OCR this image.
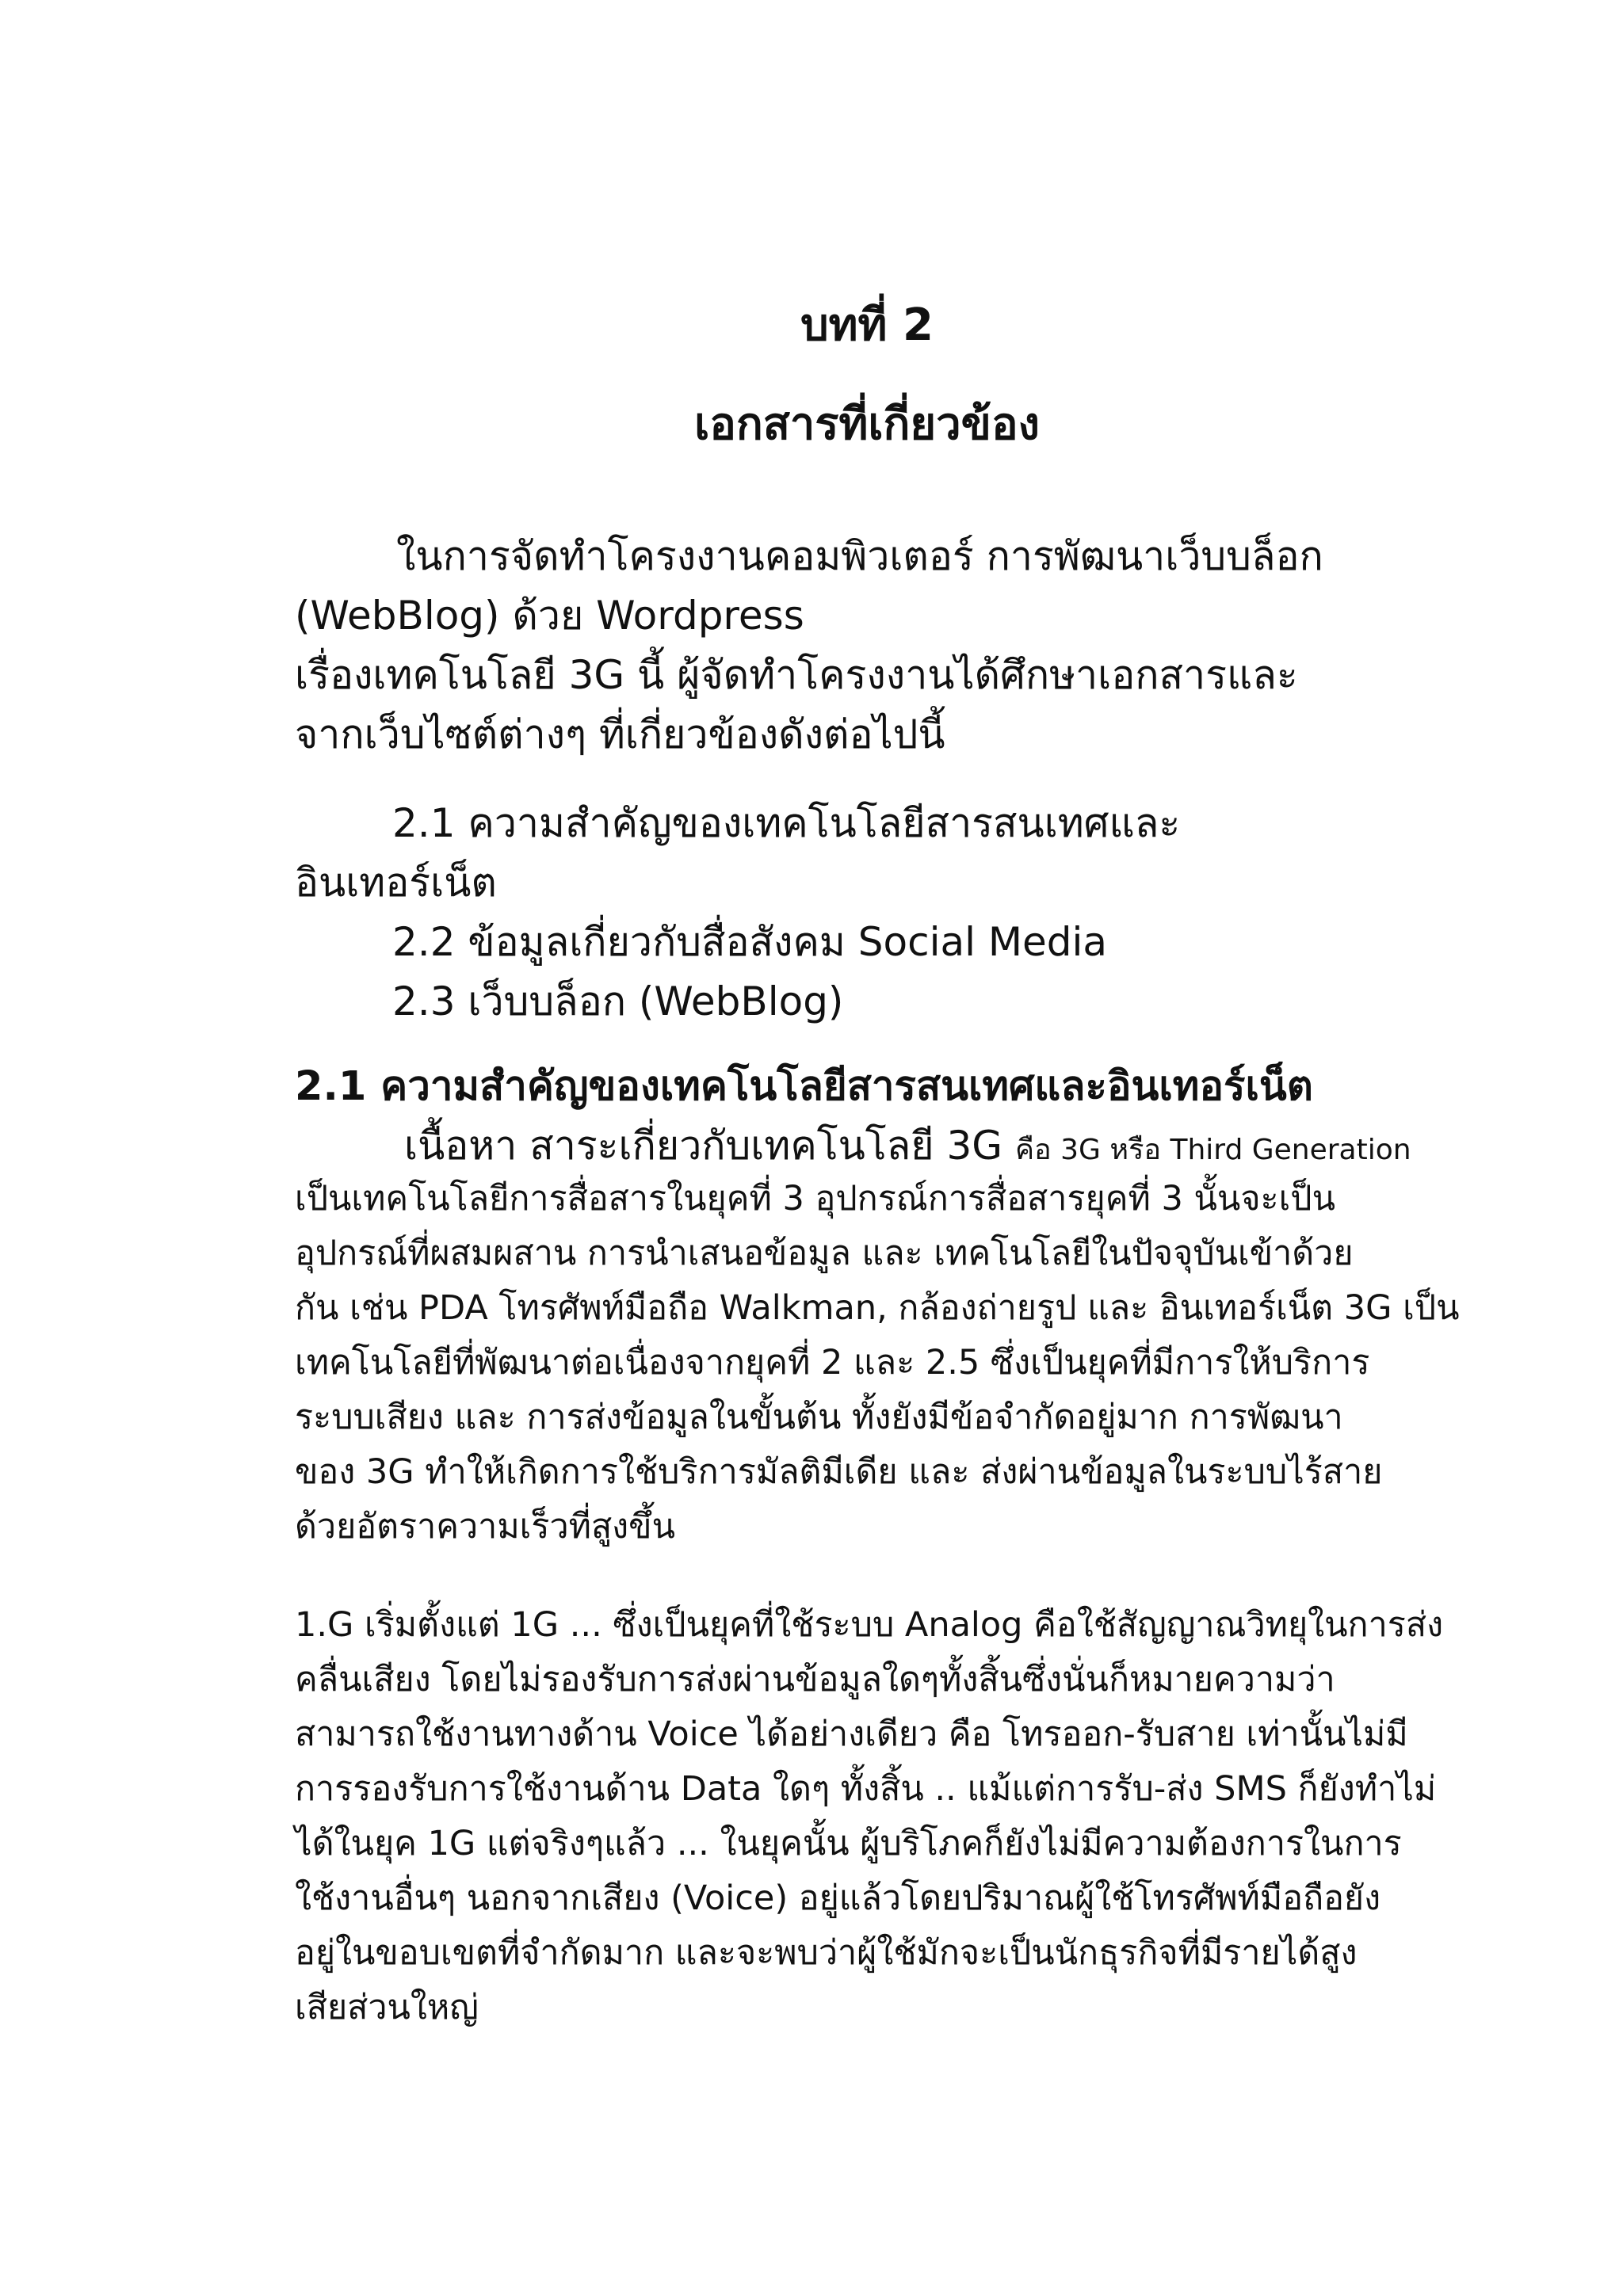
บทที่ 2
เอกสารที่เกี่ยวข้อง
ในการจัดทำโครงงานคอมพิวเตอร์ การพัฒนาเว็บบล็อก
(WebBlog) ด้วย Wordpress
เรื่องเทคโนโลยี 3G นี้ ผู้จัดทำโครงงานได้ศึกษาเอกสารและ
จากเว็บไซต์ต่างๆ ที่เกี่ยวข้องดังต่อไปนี้
2.1 ความสำคัญของเทคโนโลยีสารสนเทศและ
อินเทอร์เน็ต
2.2 ข้อมูลเกี่ยวกับสื่อสังคม Social Media
2.3 เว็บบล็อก (WebBlog)
2.1 ความสำคัญของเทคโนโลยีสารสนเทศและอินเทอร์เน็ต
เนื้อหา สาระเกี่ยวกับเทคโนโลยี 3G คือ 3G หรือ Third Generation
เป็นเทคโนโลยีการสื่อสารในยุคที่ 3 อุปกรณ์การสื่อสารยุคที่ 3 นั้นจะเป็น
อุปกรณ์ที่ผสมผสาน การนำเสนอข้อมูล และ เทคโนโลยีในปัจจุบันเข้าด้วย
กัน เช่น PDA โทรศัพท์มือถือ Walkman, กล้องถ่ายรูป และ อินเทอร์เน็ต 3G เป็น
เทคโนโลยีที่พัฒนาต่อเนื่องจากยุคที่ 2 และ 2.5 ซึ่งเป็นยุคที่มีการให้บริการ
ระบบเสียง และ การส่งข้อมูลในขั้นต้น ทั้งยังมีข้อจำกัดอยู่มาก การพัฒนา
ของ 3G ทำให้เกิดการใช้บริการมัลติมีเดีย และ ส่งผ่านข้อมูลในระบบไร้สาย
ด้วยอัตราความเร็วที่สูงขึ้น
1.G เริ่มตั้งแต่ 1G ... ซึ่งเป็นยุคที่ใช้ระบบ Analog คือใช้สัญญาณวิทยุในการส่ง
คลื่นเสียง โดยไม่รองรับการส่งผ่านข้อมูลใดๆทั้งสิ้นซึ่งนั่นก็หมายความว่า
สามารถใช้งานทางด้าน Voice ได้อย่างเดียว คือ โทรออก-รับสาย เท่านั้นไม่มี
การรองรับการใช้งานด้าน Data ใดๆ ทั้งสิ้น .. แม้แต่การรับ-ส่ง SMS ก็ยังทำไม่
ได้ในยุค 1G แต่จริงๆแล้ว ... ในยุคนั้น ผู้บริโภคก็ยังไม่มีความต้องการในการ
ใช้งานอื่นๆ นอกจากเสียง (Voice) อยู่แล้วโดยปริมาณผู้ใช้โทรศัพท์มือถือยัง
อยู่ในขอบเขตที่จำกัดมาก และจะพบว่าผู้ใช้มักจะเป็นนักธุรกิจที่มีรายได้สูง
เสียส่วนใหญ่
